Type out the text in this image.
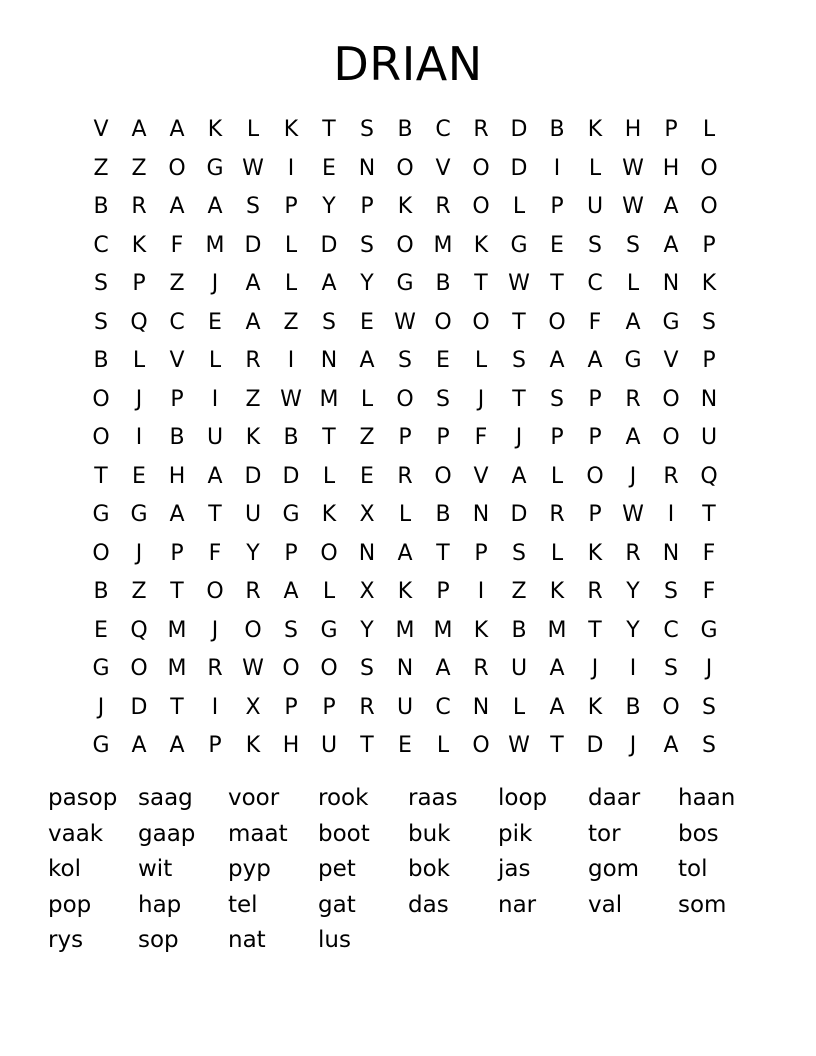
DRIAN
V	A	A	K	L	K	T	S	B	C	R D B	K	H	P	L
Z	Z O G W	I	E	N O V O D	I	L W H O
B	R	A	A	S	P	Y	P	K	R O	L	P	U W A O
C	K	F	M D	L	D	S	O M K	G	E	S	S	A	P
S	P	Z	J	A	L	A	Y	G B	T W T	C	L	N	K
S	Q C	E	A	Z	S	E W O O	T	O	F	A G	S
B	L	V	L	R	I	N	A	S	E	L	S	A	A G V	P
O	J	P	I	Z W M	L	O	S	J	T	S	P	R O N
O	I	B	U	K	B	T	Z	P	P	F	J	P	P	A O U
T	E	H	A D D	L	E	R O V	A	L	O	J	R Q
G G A	T	U G	K	X	L	B	N D R	P W	I	T
O	J	P	F	Y	P	O N	A	T	P	S	L	K	R	N	F
B	Z	T	O R	A	L	X	K	P	I	Z	K	R	Y	S	F
E	Q M	J	O	S	G	Y M M K	B M T	Y	C G
G O M R W O O	S	N	A	R	U	A	J	I	S	J
J	D	T	I	X	P	P	R	U	C	N	L	A	K	B O	S
G A	A	P	K	H U	T	E	L	O W T	D	J	A	S
pasop saag	voor	rook	raas	loop	daar	haan
vaak	gaap	maat	boot	buk	pik	tor	bos
kol	wit	pyp	pet	bok	jas	gom	tol
pop	hap	tel	gat	das	nar	val	som
rys	sop	nat	lus
